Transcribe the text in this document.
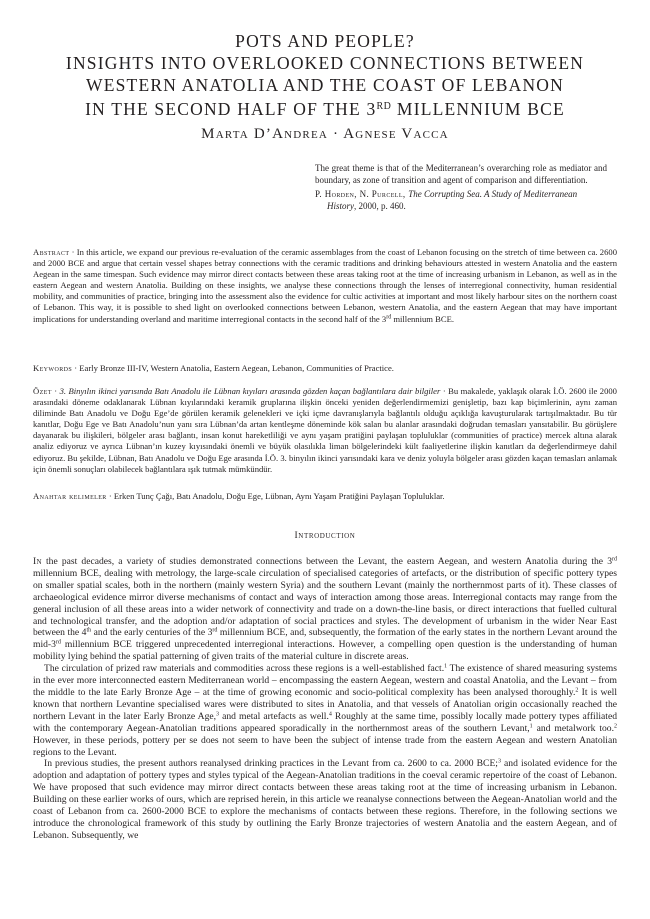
POTS AND PEOPLE?
INSIGHTS INTO OVERLOOKED CONNECTIONS BETWEEN
WESTERN ANATOLIA AND THE COAST OF LEBANON
IN THE SECOND HALF OF THE 3RD MILLENNIUM BCE
Marta D’Andrea · Agnese Vacca

The great theme is that of the Mediterranean’s overarching role as mediator and boundary, as zone of transition and agent of comparison and differentiation.

P. Horden, N. Purcell, The Corrupting Sea. A Study of Mediterranean History, 2000, p. 460.

Abstract · In this article, we expand our previous re-evaluation of the ceramic assemblages from the coast of Lebanon focusing on the stretch of time between ca. 2600 and 2000 BCE and argue that certain vessel shapes betray connections with the ceramic traditions and drinking behaviours attested in western Anatolia and the eastern Aegean in the same timespan. Such evidence may mirror direct contacts between these areas taking root at the time of increasing urbanism in Lebanon, as well as in the eastern Aegean and western Anatolia. Building on these insights, we analyse these connections through the lenses of interregional connectivity, human residential mobility, and communities of practice, bringing into the assessment also the evidence for cultic activities at important and most likely harbour sites on the northern coast of Lebanon. This way, it is possible to shed light on overlooked connections between Lebanon, western Anatolia, and the eastern Aegean that may have important implications for understanding overland and maritime interregional contacts in the second half of the 3rd millennium BCE.

Keywords · Early Bronze III-IV, Western Anatolia, Eastern Aegean, Lebanon, Communities of Practice.

Özet · 3. Binyılın ikinci yarısında Batı Anadolu ile Lübnan kıyıları arasında gözden kaçan bağlantılara dair bilgiler · Bu makalede, yaklaşık olarak İ.Ö. 2600 ile 2000 arasındaki döneme odaklanarak Lübnan kıyılarındaki keramik gruplarına ilişkin önceki yeniden değerlendirmemizi genişletip, bazı kap biçimlerinin, aynı zaman diliminde Batı Anadolu ve Doğu Ege’de görülen keramik gelenekleri ve içki içme davranışlarıyla bağlantılı olduğu açıklığa kavuşturularak tartışılmaktadır. Bu tür kanıtlar, Doğu Ege ve Batı Anadolu’nun yanı sıra Lübnan’da artan kentleşme döneminde kök salan bu alanlar arasındaki doğrudan temasları yansıtabilir. Bu görüşlere dayanarak bu ilişkileri, bölgeler arası bağlantı, insan konut hareketliliği ve aynı yaşam pratiğini paylaşan topluluklar (communities of practice) mercek altına alarak analiz ediyoruz ve ayrıca Lübnan’ın kuzey kıyısındaki önemli ve büyük olasılıkla liman bölgelerindeki kült faaliyetlerine ilişkin kanıtları da değerlendirmeye dahil ediyoruz. Bu şekilde, Lübnan, Batı Anadolu ve Doğu Ege arasında İ.Ö. 3. binyılın ikinci yarısındaki kara ve deniz yoluyla bölgeler arası gözden kaçan temasları anlamak için önemli sonuçları olabilecek bağlantılara ışık tutmak mümkündür.

Anahtar kelimeler · Erken Tunç Çağı, Batı Anadolu, Doğu Ege, Lübnan, Aynı Yaşam Pratiğini Paylaşan Topluluklar.

Introduction

In the past decades, a variety of studies demonstrated connections between the Levant, the eastern Aegean, and western Anatolia during the 3rd millennium BCE, dealing with metrology, the large-scale circulation of specialised categories of artefacts, or the distribution of specific pottery types on smaller spatial scales, both in the northern (mainly western Syria) and the southern Levant (mainly the northernmost parts of it). These classes of archaeological evidence mirror diverse mechanisms of contact and ways of interaction among those areas. Interregional contacts may range from the general inclusion of all these areas into a wider network of connectivity and trade on a down-the-line basis, or direct interactions that fuelled cultural and technological transfer, and the adoption and/or adaptation of social practices and styles. The development of urbanism in the wider Near East between the 4th and the early centuries of the 3rd millennium BCE, and, subsequently, the formation of the early states in the northern Levant around the mid-3rd millennium BCE triggered unprecedented interregional interactions. However, a compelling open question is the understanding of human mobility lying behind the spatial patterning of given traits of the material culture in discrete areas.

The circulation of prized raw materials and commodities across these regions is a well-established fact.$^1$ The existence of shared measuring systems in the ever more interconnected eastern Mediterranean world – encompassing the eastern Aegean, western and coastal Anatolia, and the Levant – from the middle to the late Early Bronze Age – at the time of growing economic and socio-political complexity has been analysed thoroughly.$^2$ It is well known that northern Levantine specialised wares were distributed to sites in Anatolia, and that vessels of Anatolian origin occasionally reached the northern Levant in the later Early Bronze Age,$^3$ and metal artefacts as well.$^4$ Roughly at the same time, possibly locally made pottery types affiliated with the contemporary Aegean-Anatolian traditions appeared sporadically in the northernmost areas of the southern Levant,$^1$ and metalwork too.$^2$ However, in these periods, pottery per se does not seem to have been the subject of intense trade from the eastern Aegean and western Anatolian regions to the Levant.

In previous studies, the present authors reanalysed drinking practices in the Levant from ca. 2600 to ca. 2000 BCE;$^3$ and isolated evidence for the adoption and adaptation of pottery types and styles typical of the Aegean-Anatolian traditions in the coeval ceramic repertoire of the coast of Lebanon. We have proposed that such evidence may mirror direct contacts between these areas taking root at the time of increasing urbanism in Lebanon. Building on these earlier works of ours, which are reprised herein, in this article we reanalyse connections between the Aegean-Anatolian world and the coast of Lebanon from ca. 2600-2000 BCE to explore the mechanisms of contacts between these regions. Therefore, in the following sections we introduce the chronological framework of this study by outlining the Early Bronze trajectories of western Anatolia and the eastern Aegean, and of Lebanon. Subsequently, we
